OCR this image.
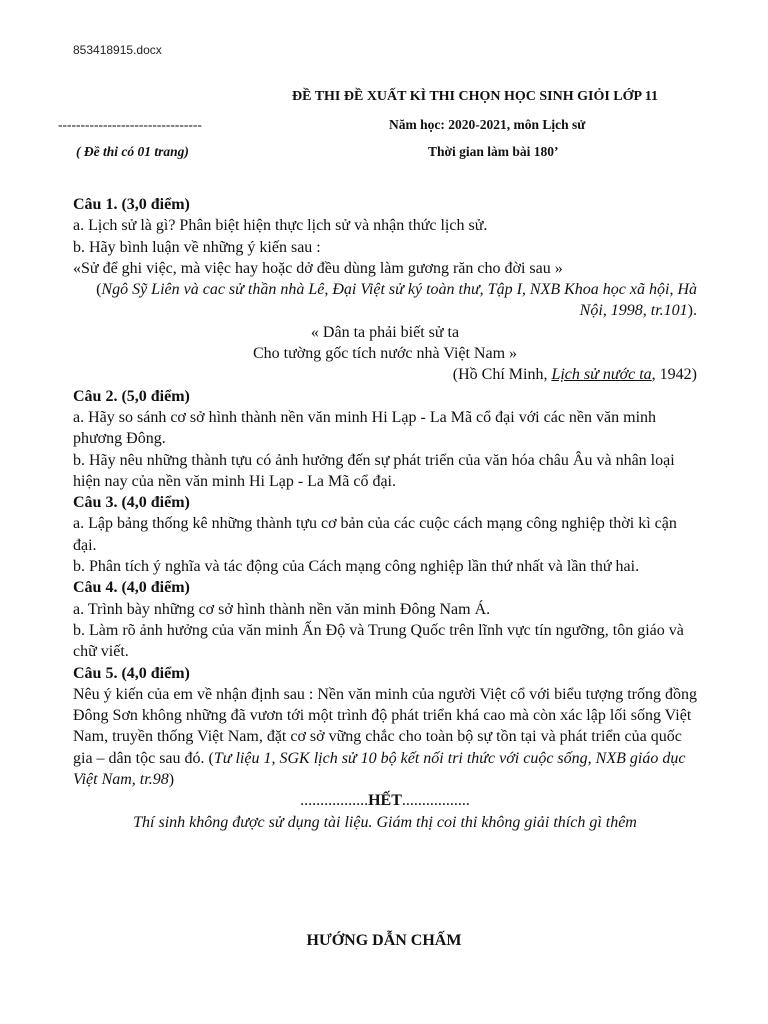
853418915.docx
ĐỀ THI ĐỀ XUẤT KÌ THI CHỌN HỌC SINH GIỎI LỚP 11
--------------------------------	Năm học: 2020-2021, môn Lịch sử
( Đề thi có 01 trang)	Thời gian làm bài 180’

Câu 1. (3,0 điểm)

a. Lịch sử là gì? Phân biệt hiện thực lịch sử và nhận thức lịch sử.

b. Hãy bình luận về những ý kiến sau :

«Sử để ghi việc, mà việc hay hoặc dở đều dùng làm gương răn cho đời sau »

(Ngô Sỹ Liên và cac sử thần nhà Lê, Đại Việt sử ký toàn thư, Tập I, NXB Khoa học xã hội, Hà Nội, 1998, tr.101).

« Dân ta phải biết sử ta

Cho tường gốc tích nước nhà Việt Nam »

(Hồ Chí Minh, Lịch sử nước ta, 1942)

Câu 2. (5,0 điểm)

a. Hãy so sánh cơ sở hình thành nền văn minh Hi Lạp - La Mã cổ đại với các nền văn minh phương Đông.

b. Hãy nêu những thành tựu có ảnh hưởng đến sự phát triển của văn hóa châu Âu và nhân loại hiện nay của nền văn minh Hi Lạp - La Mã cổ đại.

Câu 3. (4,0 điểm)

a. Lập bảng thống kê những thành tựu cơ bản của các cuộc cách mạng công nghiệp thời kì cận đại.

b. Phân tích ý nghĩa và tác động của Cách mạng công nghiệp lần thứ nhất và lần thứ hai.

Câu 4. (4,0 điểm)

a. Trình bày những cơ sở hình thành nền văn minh Đông Nam Á.

b. Làm rõ ảnh hưởng của văn minh Ấn Độ và Trung Quốc trên lĩnh vực tín ngưỡng, tôn giáo và chữ viết.

Câu 5. (4,0 điểm)

Nêu ý kiến của em về nhận định sau : Nền văn minh của người Việt cổ với biểu tượng trống đồng Đông Sơn không những đã vươn tới một trình độ phát triển khá cao mà còn xác lập lối sống Việt Nam, truyền thống Việt Nam, đặt cơ sở vững chắc cho toàn bộ sự tồn tại và phát triển của quốc gia – dân tộc sau đó. (Tư liệu 1, SGK lịch sử 10 bộ kết nối tri thức với cuộc sống, NXB giáo dục Việt Nam, tr.98)

.................HẾT.................

Thí sinh không được sử dụng tài liệu. Giám thị coi thi không giải thích gì thêm

HƯỚNG DẪN CHẤM
